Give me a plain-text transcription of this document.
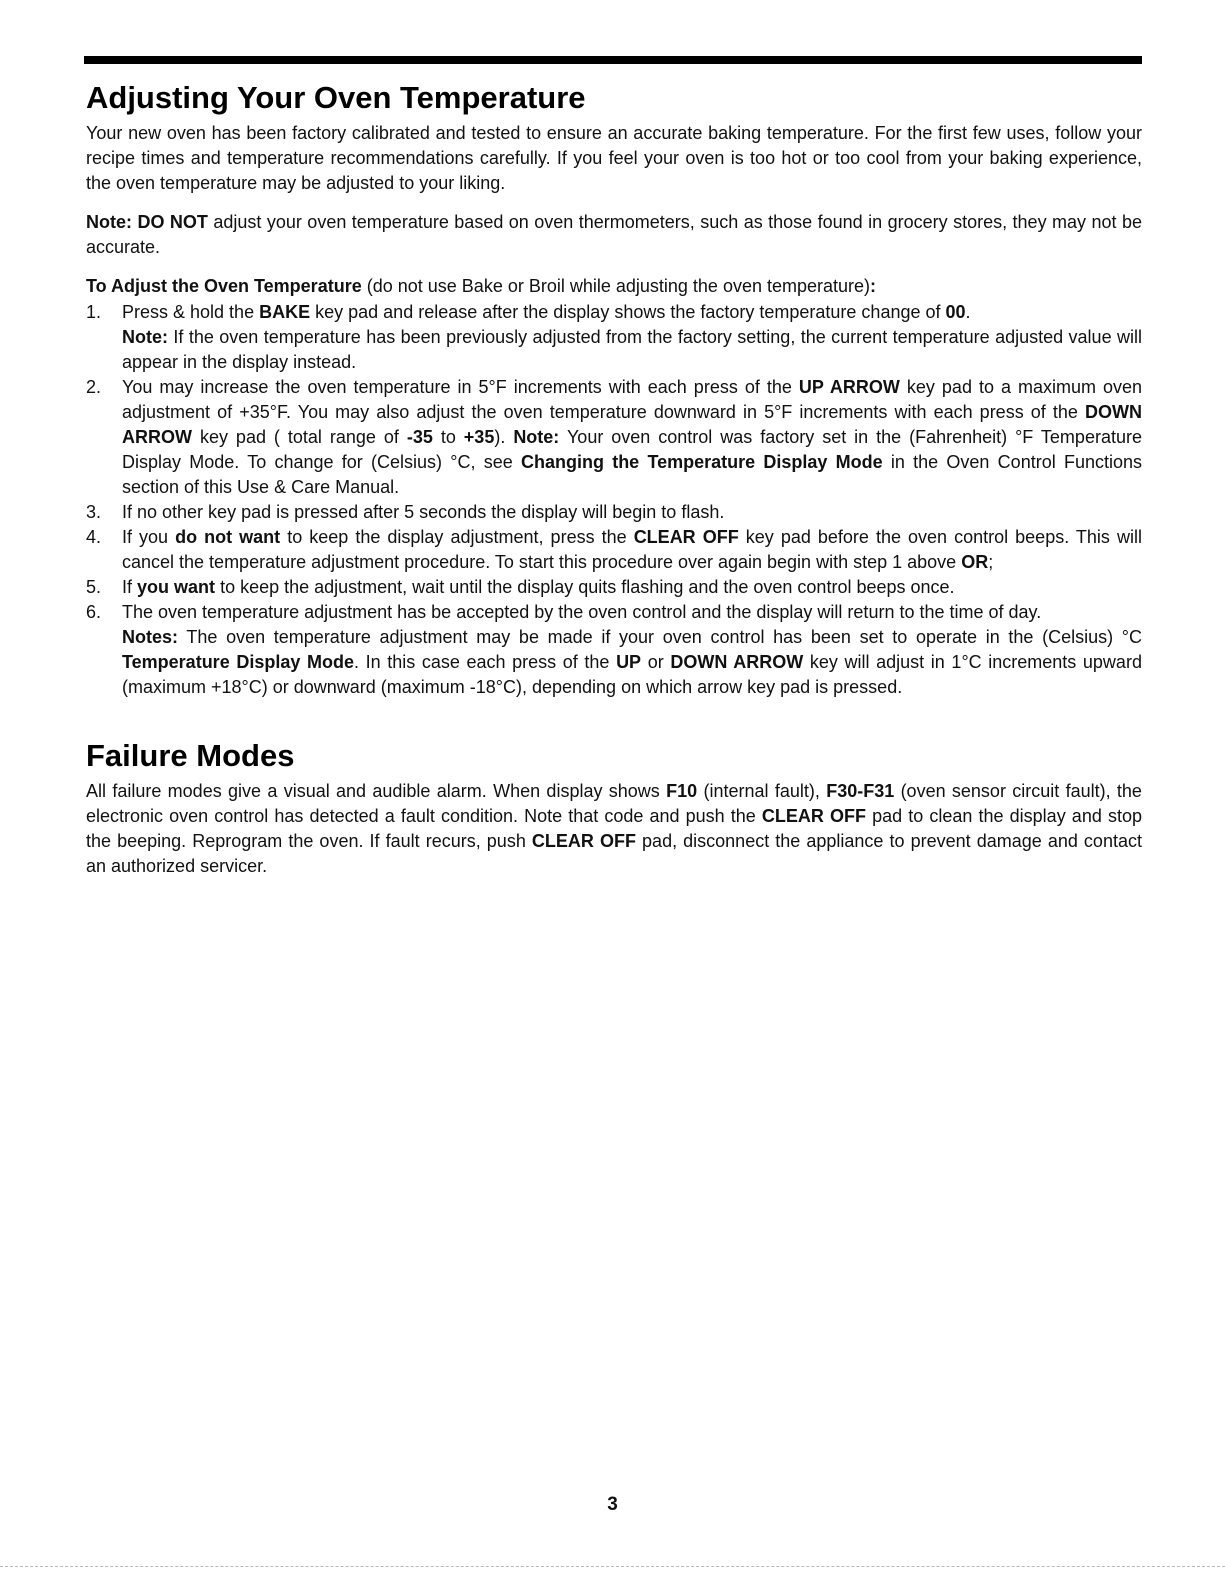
Adjusting Your Oven Temperature

Your new oven has been factory calibrated and tested to ensure an accurate baking temperature. For the first few uses, follow your recipe times and temperature recommendations carefully. If you feel your oven is too hot or too cool from your baking experience, the oven temperature may be adjusted to your liking.

Note: DO NOT adjust your oven temperature based on oven thermometers, such as those found in grocery stores, they may not be accurate.

To Adjust the Oven Temperature (do not use Bake or Broil while adjusting the oven temperature):

1. Press & hold the BAKE key pad and release after the display shows the factory temperature change of 00.
Note: If the oven temperature has been previously adjusted from the factory setting, the current temperature adjusted value will appear in the display instead.
2. You may increase the oven temperature in 5°F increments with each press of the UP ARROW key pad to a maximum oven adjustment of +35°F. You may also adjust the oven temperature downward in 5°F increments with each press of the DOWN ARROW key pad ( total range of -35 to +35). Note: Your oven control was factory set in the (Fahrenheit) °F Temperature Display Mode. To change for (Celsius) °C, see Changing the Temperature Display Mode in the Oven Control Functions section of this Use & Care Manual.
3. If no other key pad is pressed after 5 seconds the display will begin to flash.
4. If you do not want to keep the display adjustment, press the CLEAR OFF key pad before the oven control beeps. This will cancel the temperature adjustment procedure. To start this procedure over again begin with step 1 above OR;
5. If you want to keep the adjustment, wait until the display quits flashing and the oven control beeps once.
6. The oven temperature adjustment has be accepted by the oven control and the display will return to the time of day.
Notes: The oven temperature adjustment may be made if your oven control has been set to operate in the (Celsius) °C Temperature Display Mode. In this case each press of the UP or DOWN ARROW key will adjust in 1°C increments upward (maximum +18°C) or downward (maximum -18°C), depending on which arrow key pad is pressed.
Failure Modes

All failure modes give a visual and audible alarm. When display shows F10 (internal fault), F30-F31 (oven sensor circuit fault), the electronic oven control has detected a fault condition. Note that code and push the CLEAR OFF pad to clean the display and stop the beeping. Reprogram the oven. If fault recurs, push CLEAR OFF pad, disconnect the appliance to prevent damage and contact an authorized servicer.

3
